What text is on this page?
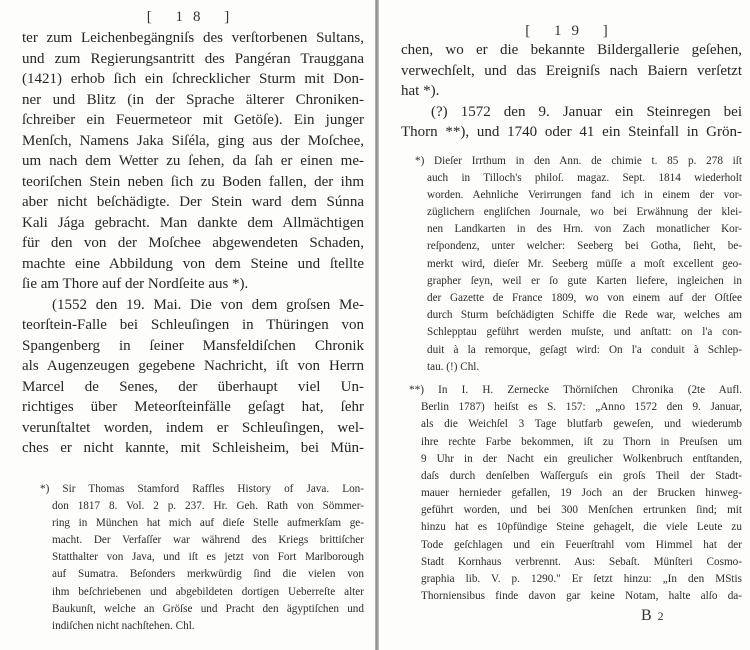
[ 18 ]
ter zum Leichenbegängniſs des verſtorbenen Sultans,
und zum Regierungsantritt des Pangéran Trauggana
(1421) erhob ſich ein ſchrecklicher Sturm mit Don-
ner und Blitz (in der Sprache älterer Chroniken-
ſchreiber ein Feuermeteor mit Getöſe). Ein junger
Menſch, Namens Jaka Siſéla, ging aus der Moſchee,
um nach dem Wetter zu ſehen, da ſah er einen me-
teoriſchen Stein neben ſich zu Boden fallen, der ihm
aber nicht beſchädigte. Der Stein ward dem Súnna
Kali Jága gebracht. Man dankte dem Allmächtigen
für den von der Moſchee abgewendeten Schaden,
machte eine Abbildung von dem Steine und ſtellte
ſie am Thore auf der Nordſeite aus *).
(1552 den 19. Mai. Die von dem groſsen Me-
teorſtein-Falle bei Schleuſingen in Thüringen von
Spangenberg in ſeiner Mansfeldiſchen Chronik
als Augenzeugen gegebene Nachricht, iſt von Herrn
Marcel de Senes, der überhaupt viel Un-
richtiges über Meteorſteinfälle geſagt hat, ſehr
verunſtaltet worden, indem er Schleuſingen, wel-
ches er nicht kannte, mit Schleisheim, bei Mün-
*) Sir Thomas Stamford Raffles History of Java. Lon-
don 1817 8. Vol. 2 p. 237. Hr. Geh. Rath von Sömmer-
ring in München hat mich auf dieſe Stelle aufmerkſam ge-
macht. Der Verfaſſer war während des Kriegs brittiſcher
Statthalter von Java, und iſt es jetzt von Fort Marlborough
auf Sumatra. Beſonders merkwürdig ſind die vielen von
ihm beſchriebenen und abgebildeten dortigen Ueberreſte alter
Baukunſt, welche an Gröſse und Pracht den ägyptiſchen und
indiſchen nicht nachſtehen. Chl.
[ 19 ]
chen, wo er die bekannte Bildergallerie geſehen,
verwechſelt, und das Ereigniſs nach Baiern verſetzt
hat *).
(?) 1572 den 9. Januar ein Steinregen bei
Thorn **), und 1740 oder 41 ein Steinfall in Grön-
*) Dieſer Irrthum in den Ann. de chimie t. 85 p. 278 iſt
auch in Tilloch's philoſ. magaz. Sept. 1814 wiederholt
worden. Aehnliche Verirrungen fand ich in einem der vor-
züglichern engliſchen Journale, wo bei Erwähnung der klei-
nen Landkarten in des Hrn. von Zach monatlicher Kor-
reſpondenz, unter welcher: Seeberg bei Gotha, ſieht, be-
merkt wird, dieſer Mr. Seeberg müſſe a moſt excellent geo-
grapher ſeyn, weil er ſo gute Karten liefere, ingleichen in
der Gazette de France 1809, wo von einem auf der Oſtſee
durch Sturm beſchädigten Schiffe die Rede war, welches am
Schlepptau geführt werden muſste, und anſtatt: on l'a con-
duit à la remorque, geſagt wird: On l'a conduit à Schlep-
tau. (!) Chl.
**) In I. H. Zernecke Thörniſchen Chronika (2te Aufl.
Berlin 1787) heiſst es S. 157: „Anno 1572 den 9. Januar,
als die Weichſel 3 Tage blutfarb geweſen, und wiederumb
ihre rechte Farbe bekommen, iſt zu Thorn in Preuſsen um
9 Uhr in der Nacht ein greulicher Wolkenbruch entſtanden,
daſs durch denſelben Waſſerguſs ein groſs Theil der Stadt-
mauer hernieder gefallen, 19 Joch an der Brucken hinweg-
geführt worden, und bei 300 Menſchen ertrunken ſind; mit
hinzu hat es 10pfündige Steine gehagelt, die viele Leute zu
Tode geſchlagen und ein Feuerſtrahl vom Himmel hat der
Stadt Kornhaus verbrennt. Aus: Sebaſt. Münſteri Cosmo-
graphia lib. V. p. 1290." Er ſetzt hinzu: „In den MStis
Thorniensibus finde davon gar keine Notam, halte alſo da-
B 2
